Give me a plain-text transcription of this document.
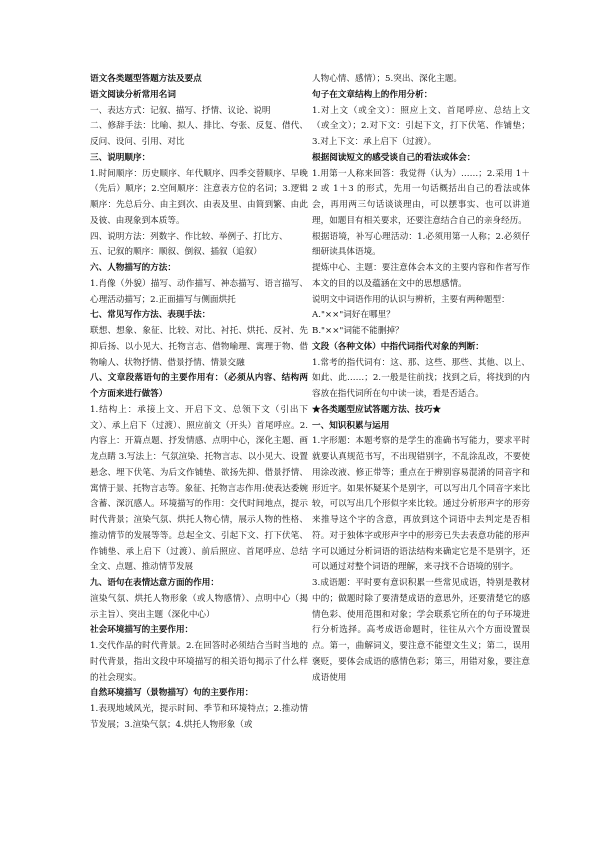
语文各类题型答题方法及要点

语文阅读分析常用名词

一、表达方式：记叙、描写、抒情、议论、说明

二、修辞手法：比喻、拟人、排比、夸张、反复、借代、反问、设问、引用、对比

三、说明顺序：

1.时间顺序：历史顺序、年代顺序、四季交替顺序、早晚（先后）顺序；2.空间顺序：注意表方位的名词；3.逻辑顺序：先总后分、由主到次、由表及里、由简到繁、由此及彼、由现象到本质等。

四、说明方法：列数字、作比较、举例子、打比方、

五、记叙的顺序：顺叙、倒叙、插叙（追叙）

六、人物描写的方法：

1.肖像（外貌）描写、动作描写、神态描写、语言描写、心理活动描写；2.正面描写与侧面烘托

七、常见写作方法、表现手法：

联想、想象、象征、比较、对比、衬托、烘托、反衬、先抑后扬、以小见大、托物言志、借物喻理、寓理于物、借物喻人、状物抒情、借景抒情、情景交融

八、文章段落语句的主要作用有：（必须从内容、结构两个方面来进行做答）

1.结构上：承接上文、开启下文、总领下文（引出下文）、承上启下（过渡）、照应前文（开头）首尾呼应。2.内容上：开篇点题、抒发情感、点明中心，深化主题、画龙点睛 3.写法上：气氛渲染、托物言志、以小见大、设置悬念、埋下伏笔、为后文作铺垫、欲扬先抑、借景抒情、寓情于景、托物言志等。象征、托物言志作用:使表达委婉含蓄、深沉感人。环境描写的作用：交代时间地点，提示时代背景；渲染气氛、烘托人物心情，展示人物的性格、推动情节的发展等等。总起全文、引起下文、打下伏笔、作铺垫、承上启下（过渡）、前后照应、首尾呼应、总结全文、点题、推动情节发展

九、语句在表情达意方面的作用：

渲染气氛、烘托人物形象（或人物感情）、点明中心（揭示主旨）、突出主题（深化中心）

社会环境描写的主要作用：

1.交代作品的时代背景。2.在回答时必须结合当时当地的时代背景，指出文段中环境描写的相关语句揭示了什么样的社会现实。

自然环境描写（景物描写）句的主要作用：

1.表现地域风光，提示时间、季节和环境特点；2.推动情节发展；3.渲染气氛；4.烘托人物形象（或

人物心情、感情）；5.突出、深化主题。

句子在文章结构上的作用分析：

1.对上文（或全文）：照应上文、首尾呼应、总结上文（或全文）；2.对下文：引起下文，打下伏笔、作铺垫；3.对上下文：承上启下（过渡）。

根据阅读短文的感受谈自己的看法或体会：

1.用第一人称来回答：我觉得（认为）……；2.采用 1＋2 或 1＋3 的形式，先用一句话概括出自己的看法或体会，再用两三句话谈谈理由，可以摆事实、也可以讲道理，如题目有相关要求，还要注意结合自己的亲身经历。

根据语境，补写心理活动：1.必须用第一人称；2.必须仔细研读具体语境。

提炼中心、主题：要注意体会本文的主要内容和作者写作本文的目的以及蕴涵在文中的思想感情。

说明文中词语作用的认识与辨析，主要有两种题型：

A."××"词好在哪里？

B."××"词能不能删掉？

文段（各种文体）中指代词指代对象的判断：

1.常考的指代词有：这、那、这些、那些、其他、以上、如此、此……；2.一般是往前找；找到之后，将找到的内容放在指代词所在句中读一读，看是否适合。

★各类题型应试答题方法、技巧★

一、知识积累与运用

1.字形题：本题考察的是学生的准确书写能力，要求平时就要认真规范书写，不出现错别字，不乱涂乱改，不要使用涂改液、修正带等；重点在于辨别容易混淆的同音字和形近字。如果怀疑某个是别字，可以写出几个同音字来比较，可以写出几个形似字来比较。通过分析形声字的形旁来推导这个字的含意，再放到这个词语中去判定是否相符。对于独体字或形声字中的形旁已失去表意功能的形声字可以通过分析词语的语法结构来确定它是不是别字，还可以通过对整个词语的理解，来寻找不合语境的别字。

3.成语题：平时要有意识积累一些常见成语，特别是教材中的；做题时除了要清楚成语的意思外，还要清楚它的感情色彩、使用范围和对象；学会联系它所在的句子环境进行分析选择。高考成语命题时，往往从六个方面设置误点。第一，曲解词义，要注意不能望文生义；第二，误用褒贬，要体会成语的感情色彩；第三，用错对象，要注意成语使用
